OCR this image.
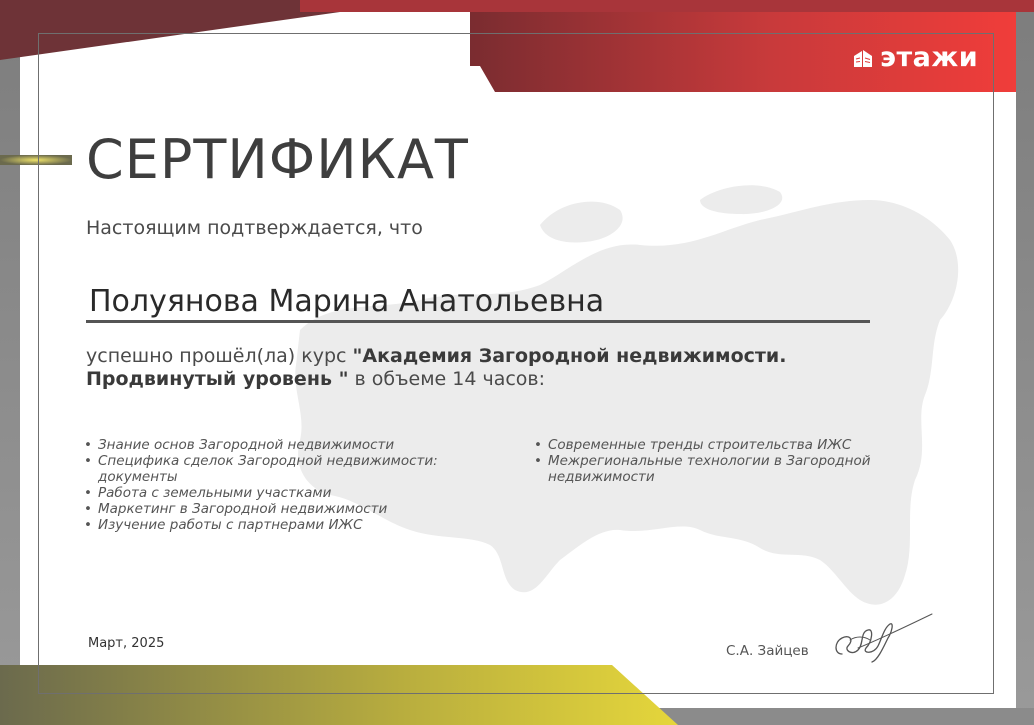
этажи
СЕРТИФИКАТ
Настоящим подтверждается, что
Полуянова Марина Анатольевна
успешно прошёл(ла) курс "Академия Загородной недвижимости. Продвинутый уровень " в объеме 14 часов:
• Знание основ Загородной недвижимости
• Специфика сделок Загородной недвижимости: документы
• Работа с земельными участками
• Маркетинг в Загородной недвижимости
• Изучение работы с партнерами ИЖС
• Современные тренды строительства ИЖС
• Межрегиональные технологии в Загородной недвижимости
Март, 2025	С.А. Зайцев
